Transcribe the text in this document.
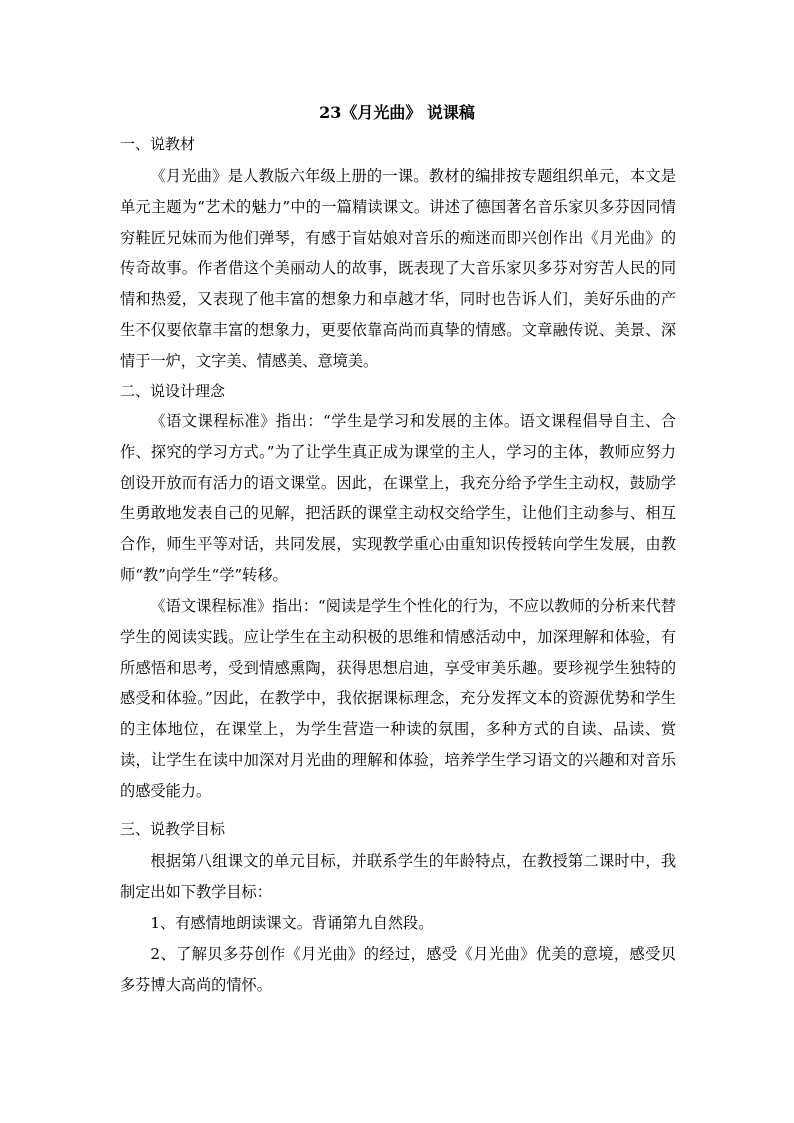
23《月光曲》 说课稿
一、说教材

《月光曲》是人教版六年级上册的一课。教材的编排按专题组织单元，本文是单元主题为“艺术的魅力”中的一篇精读课文。讲述了德国著名音乐家贝多芬因同情穷鞋匠兄妹而为他们弹琴，有感于盲姑娘对音乐的痴迷而即兴创作出《月光曲》的传奇故事。作者借这个美丽动人的故事，既表现了大音乐家贝多芬对穷苦人民的同情和热爱，又表现了他丰富的想象力和卓越才华，同时也告诉人们，美好乐曲的产生不仅要依靠丰富的想象力，更要依靠高尚而真挚的情感。文章融传说、美景、深情于一炉，文字美、情感美、意境美。

二、说设计理念

《语文课程标准》指出：“学生是学习和发展的主体。语文课程倡导自主、合作、探究的学习方式。”为了让学生真正成为课堂的主人，学习的主体，教师应努力创设开放而有活力的语文课堂。因此，在课堂上，我充分给予学生主动权，鼓励学生勇敢地发表自己的见解，把活跃的课堂主动权交给学生，让他们主动参与、相互合作，师生平等对话，共同发展，实现教学重心由重知识传授转向学生发展，由教师“教”向学生“学”转移。

《语文课程标准》指出：“阅读是学生个性化的行为，不应以教师的分析来代替学生的阅读实践。应让学生在主动积极的思维和情感活动中，加深理解和体验，有所感悟和思考，受到情感熏陶，获得思想启迪，享受审美乐趣。要珍视学生独特的感受和体验。”因此，在教学中，我依据课标理念，充分发挥文本的资源优势和学生的主体地位，在课堂上，为学生营造一种读的氛围，多种方式的自读、品读、赏读，让学生在读中加深对月光曲的理解和体验，培养学生学习语文的兴趣和对音乐的感受能力。

三、说教学目标

根据第八组课文的单元目标，并联系学生的年龄特点，在教授第二课时中，我制定出如下教学目标：

1、有感情地朗读课文。背诵第九自然段。

2、了解贝多芬创作《月光曲》的经过，感受《月光曲》优美的意境，感受贝多芬博大高尚的情怀。
